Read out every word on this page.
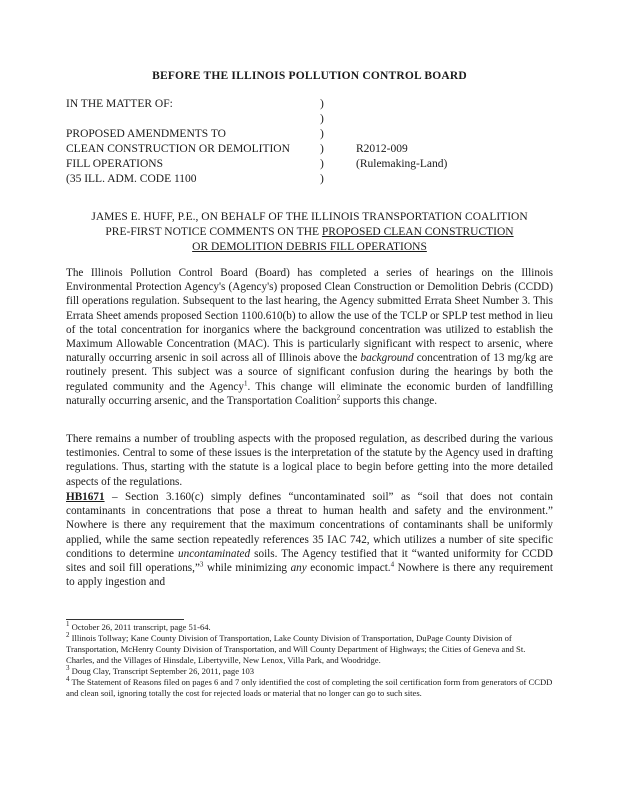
BEFORE THE ILLINOIS POLLUTION CONTROL BOARD
IN THE MATTER OF:	)
)
PROPOSED AMENDMENTS TO	)
CLEAN CONSTRUCTION OR DEMOLITION	)	R2012-009
FILL OPERATIONS	)	(Rulemaking-Land)
(35 ILL. ADM. CODE 1100	)
JAMES E. HUFF, P.E., ON BEHALF OF THE ILLINOIS TRANSPORTATION COALITION
PRE-FIRST NOTICE COMMENTS ON THE PROPOSED CLEAN CONSTRUCTION
OR DEMOLITION DEBRIS FILL OPERATIONS
The Illinois Pollution Control Board (Board) has completed a series of hearings on the Illinois Environmental Protection Agency's (Agency's) proposed Clean Construction or Demolition Debris (CCDD) fill operations regulation. Subsequent to the last hearing, the Agency submitted Errata Sheet Number 3. This Errata Sheet amends proposed Section 1100.610(b) to allow the use of the TCLP or SPLP test method in lieu of the total concentration for inorganics where the background concentration was utilized to establish the Maximum Allowable Concentration (MAC). This is particularly significant with respect to arsenic, where naturally occurring arsenic in soil across all of Illinois above the background concentration of 13 mg/kg are routinely present. This subject was a source of significant confusion during the hearings by both the regulated community and the Agency$^1$. This change will eliminate the economic burden of landfilling naturally occurring arsenic, and the Transportation Coalition$^2$ supports this change.
There remains a number of troubling aspects with the proposed regulation, as described during the various testimonies. Central to some of these issues is the interpretation of the statute by the Agency used in drafting regulations. Thus, starting with the statute is a logical place to begin before getting into the more detailed aspects of the regulations.
HB1671 – Section 3.160(c) simply defines “uncontaminated soil” as “soil that does not contain contaminants in concentrations that pose a threat to human health and safety and the environment.” Nowhere is there any requirement that the maximum concentrations of contaminants shall be uniformly applied, while the same section repeatedly references 35 IAC 742, which utilizes a number of site specific conditions to determine uncontaminated soils. The Agency testified that it “wanted uniformity for CCDD sites and soil fill operations,”$^3$ while minimizing any economic impact.$^4$ Nowhere is there any requirement to apply ingestion and
$^1$ October 26, 2011 transcript, page 51-64.
$^2$ Illinois Tollway; Kane County Division of Transportation, Lake County Division of Transportation, DuPage County Division of Transportation, McHenry County Division of Transportation, and Will County Department of Highways; the Cities of Geneva and St. Charles, and the Villages of Hinsdale, Libertyville, New Lenox, Villa Park, and Woodridge.
$^3$ Doug Clay, Transcript September 26, 2011, page 103
$^4$ The Statement of Reasons filed on pages 6 and 7 only identified the cost of completing the soil certification form from generators of CCDD and clean soil, ignoring totally the cost for rejected loads or material that no longer can go to such sites.
